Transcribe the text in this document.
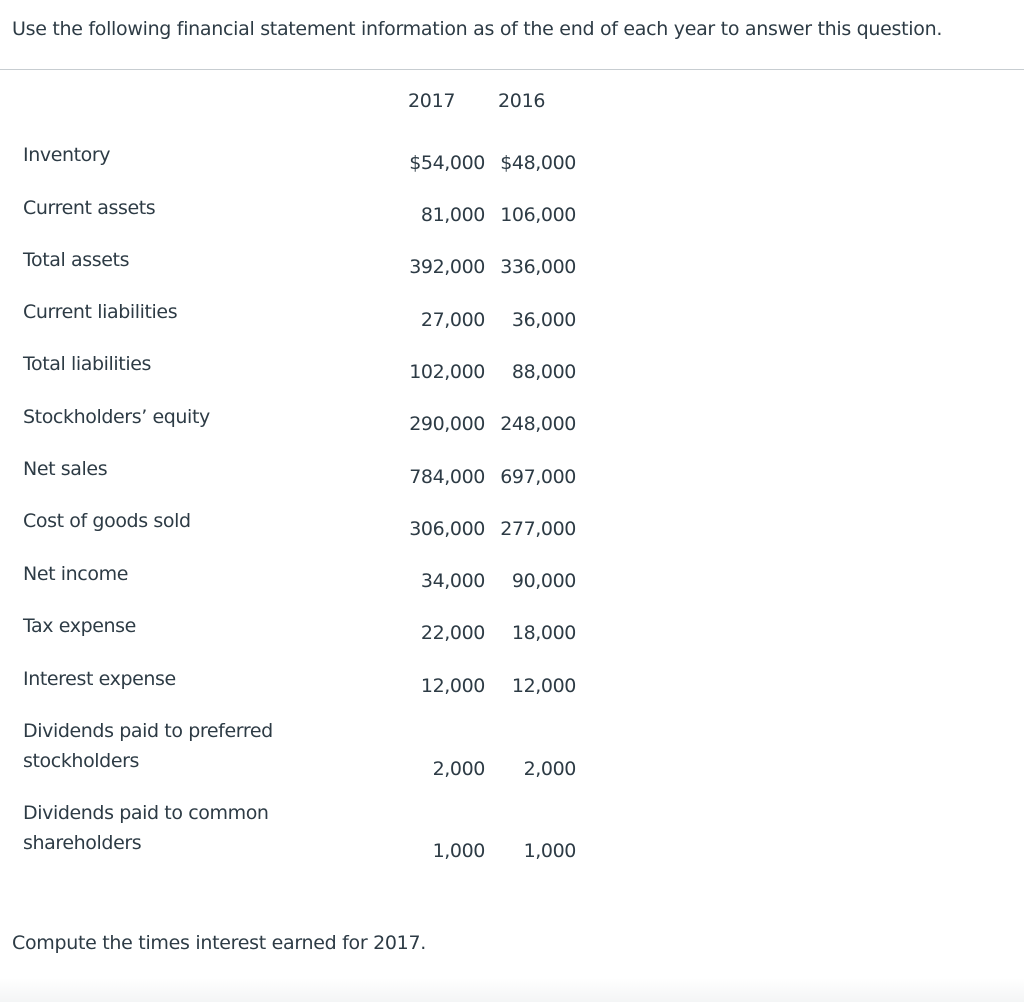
Use the following financial statement information as of the end of each year to answer this question.
2017 2016
Inventory	$54,000 $48,000
Current assets	81,000 106,000
Total assets	392,000 336,000
Current liabilities	27,000 36,000
Total liabilities	102,000 88,000
Stockholders’ equity	290,000 248,000
Net sales	784,000 697,000
Cost of goods sold	306,000 277,000
Net income	34,000 90,000
Tax expense	22,000 18,000
Interest expense	12,000 12,000
Dividends paid to preferred stockholders	2,000 2,000
Dividends paid to common shareholders	1,000 1,000
Compute the times interest earned for 2017.
